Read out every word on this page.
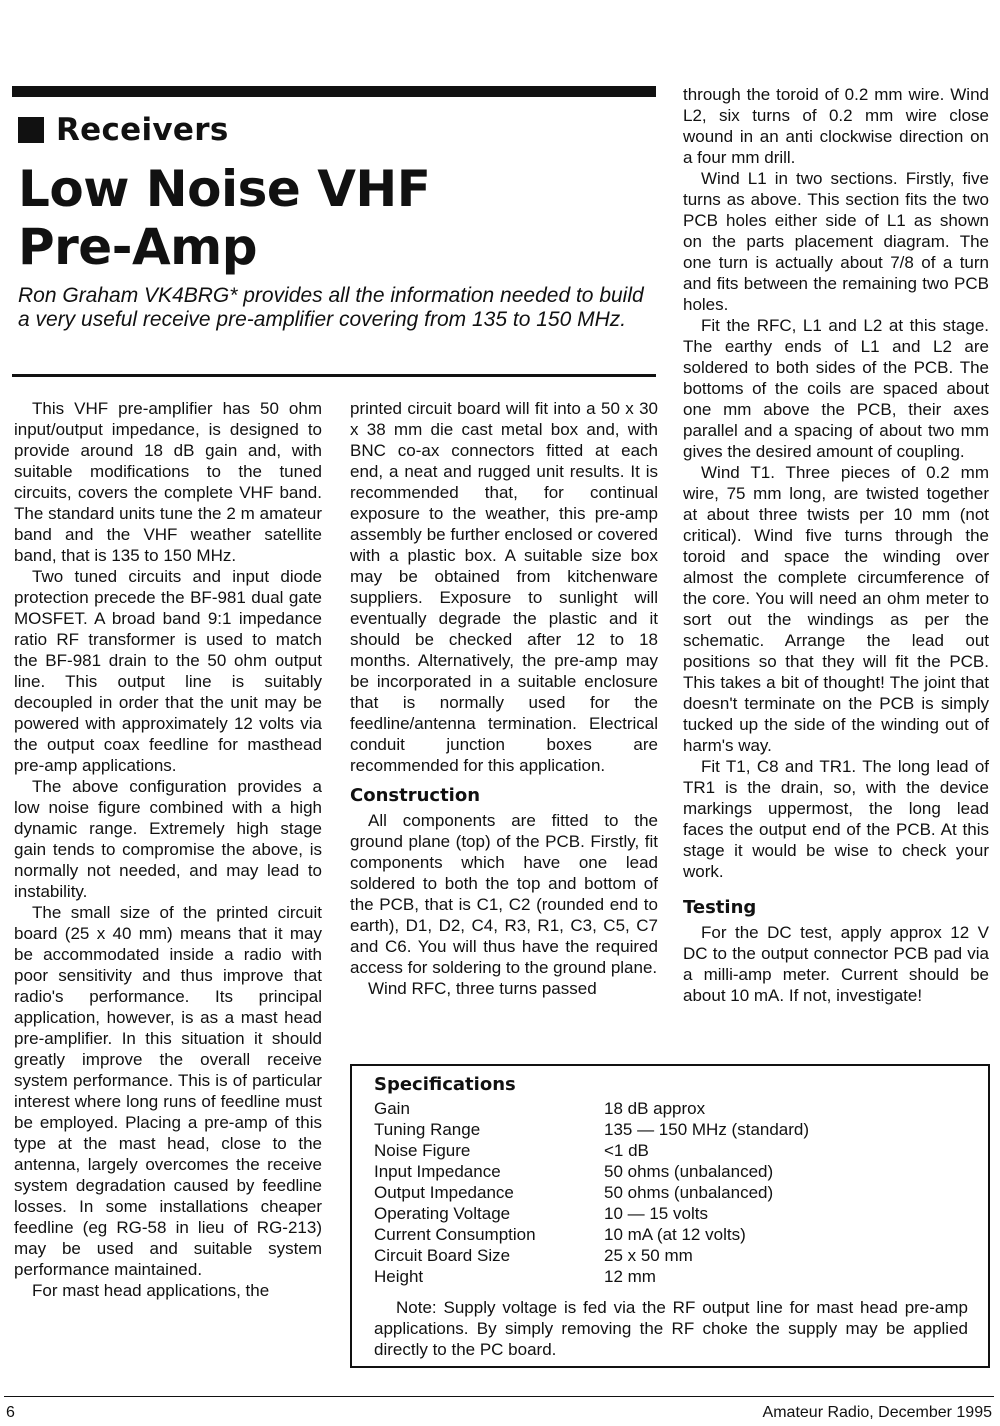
Receivers
Low Noise VHF
Pre-Amp
Ron Graham VK4BRG* provides all the information needed to build a very useful receive pre-amplifier covering from 135 to 150 MHz.

This VHF pre-amplifier has 50 ohm input/output impedance, is designed to provide around 18 dB gain and, with suitable modifications to the tuned circuits, covers the complete VHF band. The standard units tune the 2 m amateur band and the VHF weather satellite band, that is 135 to 150 MHz.

Two tuned circuits and input diode protection precede the BF-981 dual gate MOSFET. A broad band 9:1 impedance ratio RF transformer is used to match the BF-981 drain to the 50 ohm output line. This output line is suitably decoupled in order that the unit may be powered with approximately 12 volts via the output coax feedline for masthead pre-amp applications.

The above configuration provides a low noise figure combined with a high dynamic range. Extremely high stage gain tends to compromise the above, is normally not needed, and may lead to instability.

The small size of the printed circuit board (25 x 40 mm) means that it may be accommodated inside a radio with poor sensitivity and thus improve that radio's performance. Its principal application, however, is as a mast head pre-amplifier. In this situation it should greatly improve the overall receive system performance. This is of particular interest where long runs of feedline must be employed. Placing a pre-amp of this type at the mast head, close to the antenna, largely overcomes the receive system degradation caused by feedline losses. In some installations cheaper feedline (eg RG-58 in lieu of RG-213) may be used and suitable system performance maintained.

For mast head applications, the

printed circuit board will fit into a 50 x 30 x 38 mm die cast metal box and, with BNC co-ax connectors fitted at each end, a neat and rugged unit results. It is recommended that, for continual exposure to the weather, this pre-amp assembly be further enclosed or covered with a plastic box. A suitable size box may be obtained from kitchenware suppliers. Exposure to sunlight will eventually degrade the plastic and it should be checked after 12 to 18 months. Alternatively, the pre-amp may be incorporated in a suitable enclosure that is normally used for the feedline/antenna termination. Electrical conduit junction boxes are recommended for this application.

Construction

All components are fitted to the ground plane (top) of the PCB. Firstly, fit components which have one lead soldered to both the top and bottom of the PCB, that is C1, C2 (rounded end to earth), D1, D2, C4, R3, R1, C3, C5, C7 and C6. You will thus have the required access for soldering to the ground plane.

Wind RFC, three turns passed

through the toroid of 0.2 mm wire. Wind L2, six turns of 0.2 mm wire close wound in an anti clockwise direction on a four mm drill.

Wind L1 in two sections. Firstly, five turns as above. This section fits the two PCB holes either side of L1 as shown on the parts placement diagram. The one turn is actually about 7/8 of a turn and fits between the remaining two PCB holes.

Fit the RFC, L1 and L2 at this stage. The earthy ends of L1 and L2 are soldered to both sides of the PCB. The bottoms of the coils are spaced about one mm above the PCB, their axes parallel and a spacing of about two mm gives the desired amount of coupling.

Wind T1. Three pieces of 0.2 mm wire, 75 mm long, are twisted together at about three twists per 10 mm (not critical). Wind five turns through the toroid and space the winding over almost the complete circumference of the core. You will need an ohm meter to sort out the windings as per the schematic. Arrange the lead out positions so that they will fit the PCB. This takes a bit of thought! The joint that doesn't terminate on the PCB is simply tucked up the side of the winding out of harm's way.

Fit T1, C8 and TR1. The long lead of TR1 is the drain, so, with the device markings uppermost, the long lead faces the output end of the PCB. At this stage it would be wise to check your work.

Testing

For the DC test, apply approx 12 V DC to the output connector PCB pad via a milli-amp meter. Current should be about 10 mA. If not, investigate!

Specifications
Gain	18 dB approx
Tuning Range	135 — 150 MHz (standard)
Noise Figure	<1 dB
Input Impedance	50 ohms (unbalanced)
Output Impedance	50 ohms (unbalanced)
Operating Voltage	10 — 15 volts
Current Consumption	10 mA (at 12 volts)
Circuit Board Size	25 x 50 mm
Height	12 mm
Note: Supply voltage is fed via the RF output line for mast head pre-amp applications. By simply removing the RF choke the supply may be applied directly to the PC board.
6	Amateur Radio, December 1995
